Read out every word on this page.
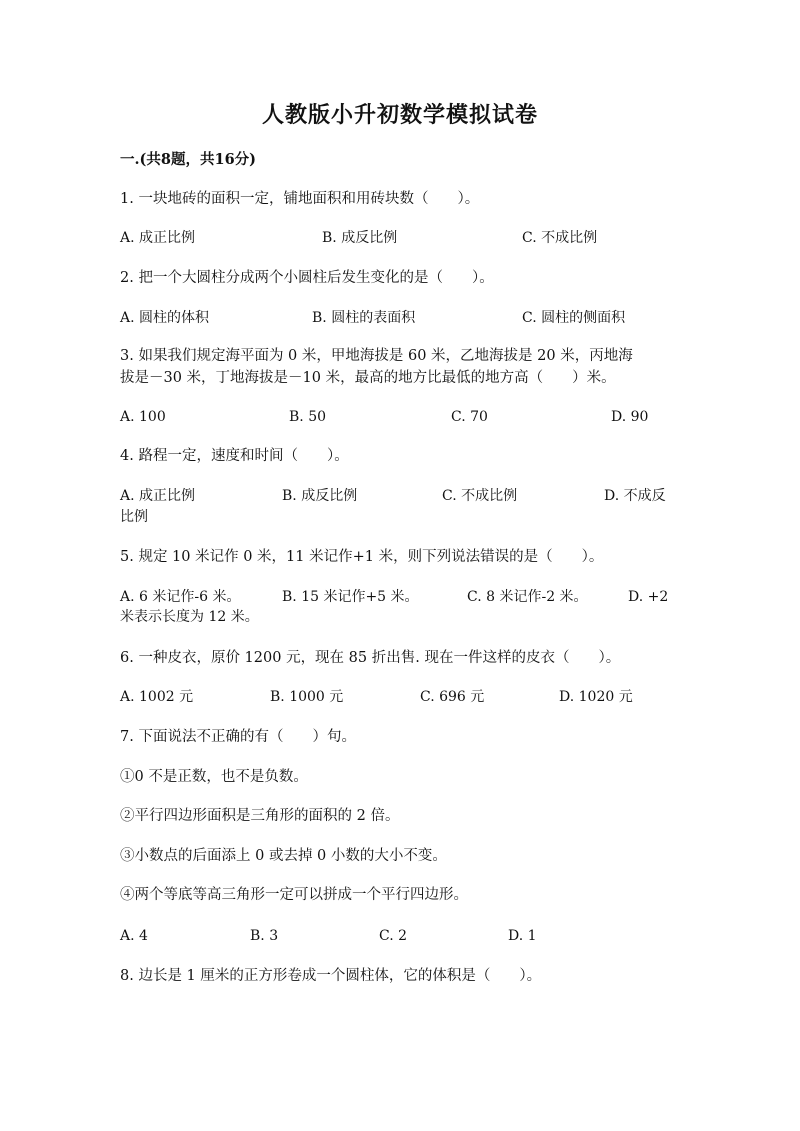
人教版小升初数学模拟试卷
一.(共8题，共16分)
1. 一块地砖的面积一定，铺地面积和用砖块数（　　）。
A. 成正比例	B. 成反比例	C. 不成比例
2. 把一个大圆柱分成两个小圆柱后发生变化的是（　　）。
A. 圆柱的体积	B. 圆柱的表面积	C. 圆柱的侧面积
3. 如果我们规定海平面为 0 米，甲地海拔是 60 米，乙地海拔是 20 米，丙地海
拔是－30 米，丁地海拔是－10 米，最高的地方比最低的地方高（　　）米。
A. 100	B. 50	C. 70	D. 90
4. 路程一定，速度和时间（　　）。
A. 成正比例	B. 成反比例	C. 不成比例	D. 不成反
比例
5. 规定 10 米记作 0 米，11 米记作+1 米，则下列说法错误的是（　　）。
A. 6 米记作-6 米。	B. 15 米记作+5 米。	C. 8 米记作-2 米。	D. +2
米表示长度为 12 米。
6. 一种皮衣，原价 1200 元，现在 85 折出售. 现在一件这样的皮衣（　　）。
A. 1002 元	B. 1000 元	C. 696 元	D. 1020 元
7. 下面说法不正确的有（　　）句。
①0 不是正数，也不是负数。
②平行四边形面积是三角形的面积的 2 倍。
③小数点的后面添上 0 或去掉 0 小数的大小不变。
④两个等底等高三角形一定可以拼成一个平行四边形。
A. 4	B. 3	C. 2	D. 1
8. 边长是 1 厘米的正方形卷成一个圆柱体，它的体积是（　　）。
